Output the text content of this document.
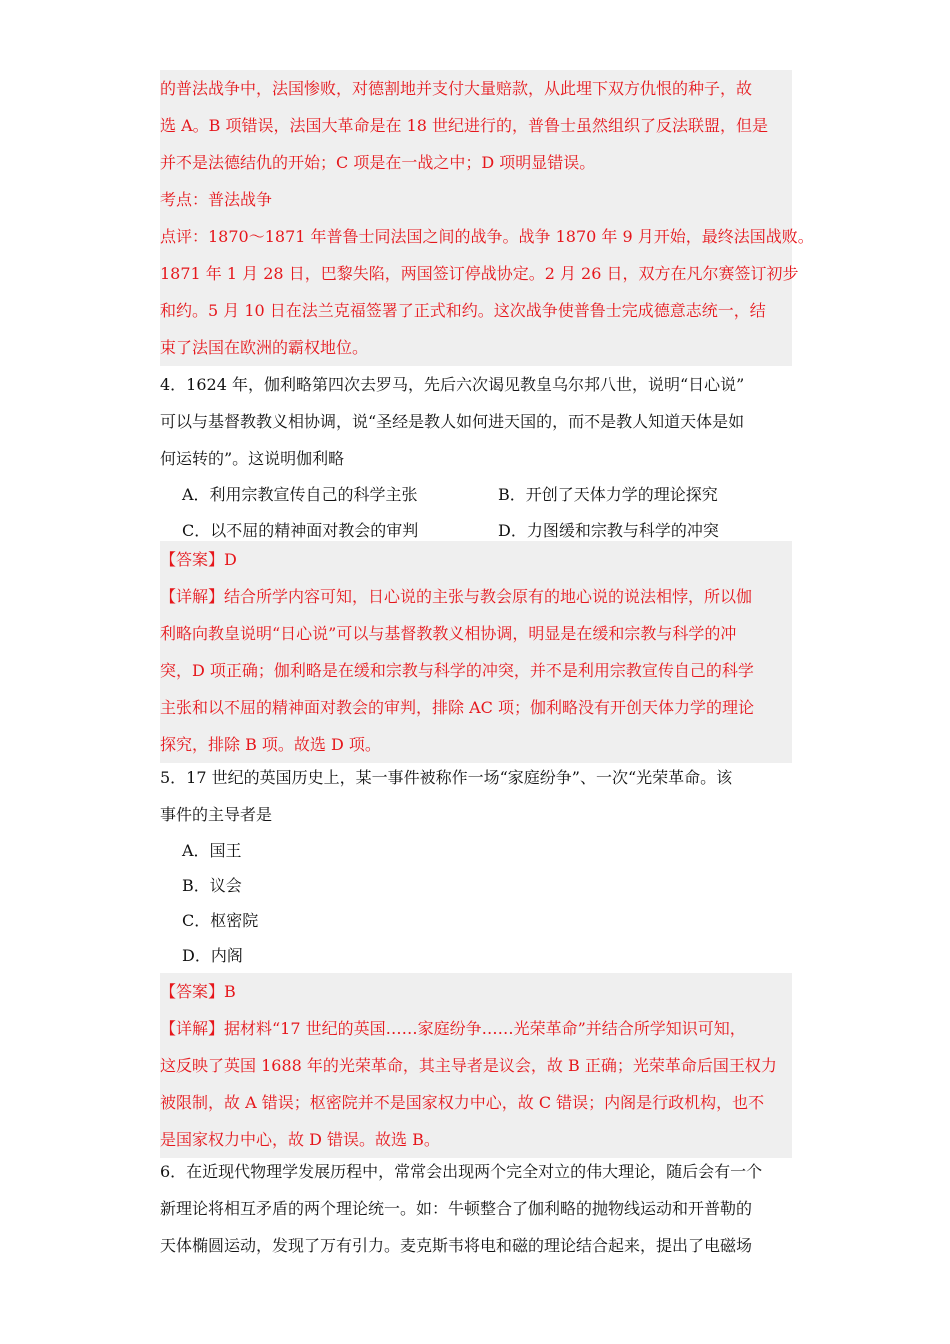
的普法战争中，法国惨败，对德割地并支付大量赔款，从此埋下双方仇恨的种子，故
选 A。B 项错误，法国大革命是在 18 世纪进行的，普鲁士虽然组织了反法联盟，但是
并不是法德结仇的开始；C 项是在一战之中；D 项明显错误。
考点：普法战争
点评：1870～1871 年普鲁士同法国之间的战争。战争 1870 年 9 月开始，最终法国战败。
1871 年 1 月 28 日，巴黎失陷，两国签订停战协定。2 月 26 日，双方在凡尔赛签订初步
和约。5 月 10 日在法兰克福签署了正式和约。这次战争使普鲁士完成德意志统一，结
束了法国在欧洲的霸权地位。
4．1624 年，伽利略第四次去罗马，先后六次谒见教皇乌尔邦八世，说明“日心说”
可以与基督教教义相协调，说“圣经是教人如何进天国的，而不是教人知道天体是如
何运转的”。这说明伽利略
A．利用宗教宣传自己的科学主张	B．开创了天体力学的理论探究
C．以不屈的精神面对教会的审判	D．力图缓和宗教与科学的冲突
【答案】D
【详解】结合所学内容可知，日心说的主张与教会原有的地心说的说法相悖，所以伽
利略向教皇说明“日心说”可以与基督教教义相协调，明显是在缓和宗教与科学的冲
突，D 项正确；伽利略是在缓和宗教与科学的冲突，并不是利用宗教宣传自己的科学
主张和以不屈的精神面对教会的审判，排除 AC 项；伽利略没有开创天体力学的理论
探究，排除 B 项。故选 D 项。
5．17 世纪的英国历史上，某一事件被称作一场“家庭纷争”、一次“光荣革命。该
事件的主导者是
A．国王
B．议会
C．枢密院
D．内阁
【答案】B
【详解】据材料“17 世纪的英国……家庭纷争……光荣革命”并结合所学知识可知，
这反映了英国 1688 年的光荣革命，其主导者是议会，故 B 正确；光荣革命后国王权力
被限制，故 A 错误；枢密院并不是国家权力中心，故 C 错误；内阁是行政机构，也不
是国家权力中心，故 D 错误。故选 B。
6．在近现代物理学发展历程中，常常会出现两个完全对立的伟大理论，随后会有一个
新理论将相互矛盾的两个理论统一。如：牛顿整合了伽利略的抛物线运动和开普勒的
天体椭圆运动，发现了万有引力。麦克斯韦将电和磁的理论结合起来，提出了电磁场
